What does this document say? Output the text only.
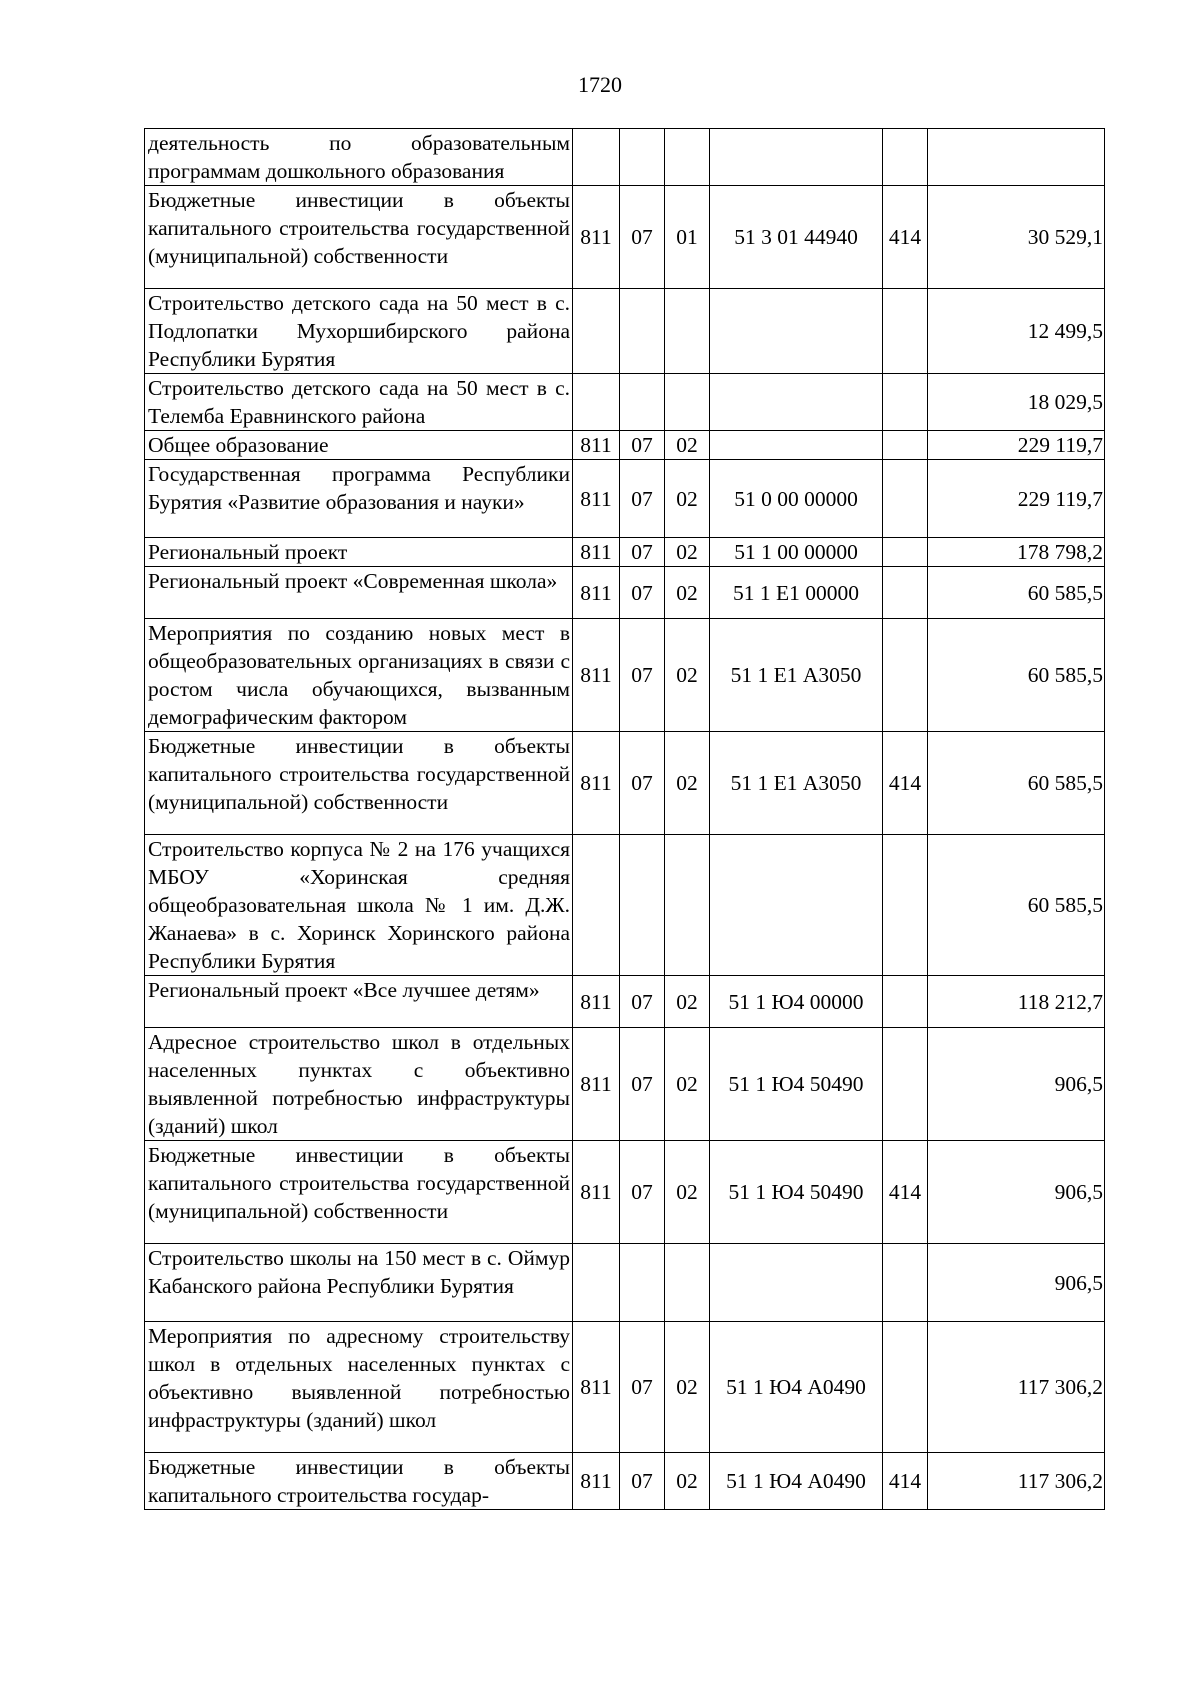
1720
деятельность по образовательным программам дошкольного образования						
Бюджетные инвестиции в объекты капитального строительства государственной (муниципальной) собственности	811	07	01	51 3 01 44940	414	30 529,1
Строительство детского сада на 50 мест в с. Подлопатки Мухоршибирского района Республики Бурятия						12 499,5
Строительство детского сада на 50 мест в с. Телемба Еравнинского района						18 029,5
Общее образование	811	07	02			229 119,7
Государственная программа Республики Бурятия «Развитие образования и науки»	811	07	02	51 0 00 00000		229 119,7
Региональный проект	811	07	02	51 1 00 00000		178 798,2
Региональный проект «Современная школа»	811	07	02	51 1 Е1 00000		60 585,5
Мероприятия по созданию новых мест в общеобразовательных организациях в связи с ростом числа обучающихся, вызванным демографическим фактором	811	07	02	51 1 Е1 А3050		60 585,5
Бюджетные инвестиции в объекты капитального строительства государственной (муниципальной) собственности	811	07	02	51 1 Е1 А3050	414	60 585,5
Строительство корпуса № 2 на 176 учащихся МБОУ «Хоринская средняя общеобразовательная школа № 1 им. Д.Ж. Жанаева» в с. Хоринск Хоринского района Республики Бурятия						60 585,5
Региональный проект «Все лучшее детям»	811	07	02	51 1 Ю4 00000		118 212,7
Адресное строительство школ в отдельных населенных пунктах с объективно выявленной потребностью инфраструктуры (зданий) школ	811	07	02	51 1 Ю4 50490		906,5
Бюджетные инвестиции в объекты капитального строительства государственной (муниципальной) собственности	811	07	02	51 1 Ю4 50490	414	906,5
Строительство школы на 150 мест в с. Оймур Кабанского района Республики Бурятия						906,5
Мероприятия по адресному строительству школ в отдельных населенных пунктах с объективно выявленной потребностью инфраструктуры (зданий) школ	811	07	02	51 1 Ю4 А0490		117 306,2
Бюджетные инвестиции в объекты капитального строительства государ-	811	07	02	51 1 Ю4 А0490	414	117 306,2
